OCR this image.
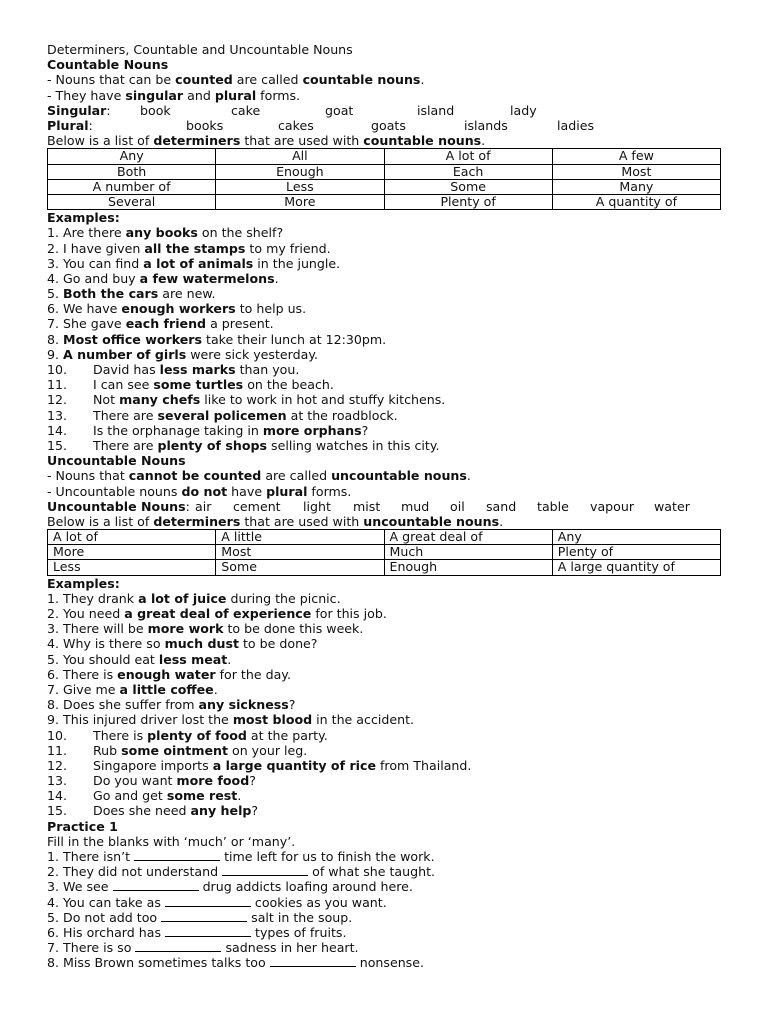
Determiners, Countable and Uncountable Nouns
Countable Nouns
- Nouns that can be counted are called countable nouns.
- They have singular and plural forms.
Singular: book	cake	goat	island	lady
Plural:	books	cakes	goats	islands	ladies
Below is a list of determiners that are used with countable nouns.
Any	All	A lot of	A few
Both	Enough	Each	Most
A number of	Less	Some	Many
Several	More	Plenty of	A quantity of
Examples:
1. Are there any books on the shelf?
2. I have given all the stamps to my friend.
3. You can find a lot of animals in the jungle.
4. Go and buy a few watermelons.
5. Both the cars are new.
6. We have enough workers to help us.
7. She gave each friend a present.
8. Most office workers take their lunch at 12:30pm.
9. A number of girls were sick yesterday.
10. David has less marks than you.
11. I can see some turtles on the beach.
12. Not many chefs like to work in hot and stuffy kitchens.
13. There are several policemen at the roadblock.
14. Is the orphanage taking in more orphans?
15. There are plenty of shops selling watches in this city.
Uncountable Nouns
- Nouns that cannot be counted are called uncountable nouns.
- Uncountable nouns do not have plural forms.
Uncountable Nouns: air cement light mist mud oil sand table vapour water
Below is a list of determiners that are used with uncountable nouns.
A lot of	A little	A great deal of	Any
More	Most	Much	Plenty of
Less	Some	Enough	A large quantity of
Examples:
1. They drank a lot of juice during the picnic.
2. You need a great deal of experience for this job.
3. There will be more work to be done this week.
4. Why is there so much dust to be done?
5. You should eat less meat.
6. There is enough water for the day.
7. Give me a little coffee.
8. Does she suffer from any sickness?
9. This injured driver lost the most blood in the accident.
10. There is plenty of food at the party.
11. Rub some ointment on your leg.
12. Singapore imports a large quantity of rice from Thailand.
13. Do you want more food?
14. Go and get some rest.
15. Does she need any help?
Practice 1
Fill in the blanks with ‘much’ or ‘many’.
1. There isn’t	time left for us to finish the work.
2. They did not understand	of what she taught.
3. We see	drug addicts loafing around here.
4. You can take as	cookies as you want.
5. Do not add too	salt in the soup.
6. His orchard has	types of fruits.
7. There is so	sadness in her heart.
8. Miss Brown sometimes talks too	nonsense.
